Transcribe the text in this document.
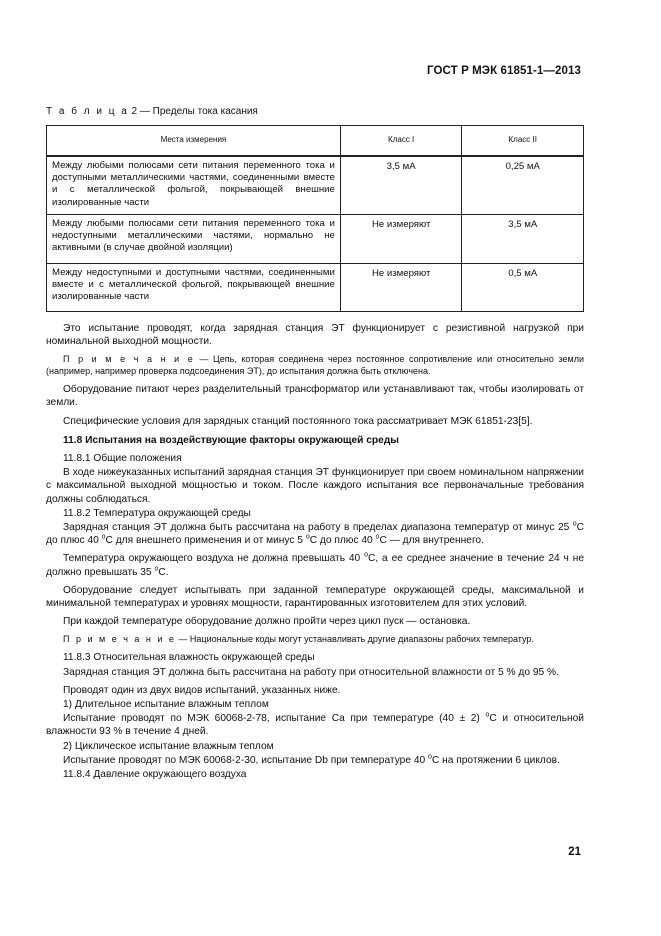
ГОСТ Р МЭК 61851-1—2013
Т а б л и ц а 2 — Пределы тока касания
Места измерения	Класс I	Класс II
Между любыми полюсами сети питания переменного тока и доступными металлическими частями, соединенными вместе и с металлической фольгой, покрывающей внешние изолированные части	3,5 мА	0,25 мА
Между любыми полюсами сети питания переменного тока и недоступными металлическими частями, нормально не активными (в случае двойной изоляции)	Не измеряют	3,5 мА
Между недоступными и доступными частями, соединенными вместе и с металлической фольгой, покрывающей внешние изолированные части	Не измеряют	0,5 мА

Это испытание проводят, когда зарядная станция ЭТ функционирует с резистивной нагрузкой при номинальной выходной мощности.

П р и м е ч а н и е — Цепь, которая соединена через постоянное сопротивление или относительно земли (например, например проверка подсоединения ЭТ), до испытания должна быть отключена.

Оборудование питают через разделительный трансформатор или устанавливают так, чтобы изолировать от земли.

Специфические условия для зарядных станций постоянного тока рассматривает МЭК 61851-23[5].

11.8 Испытания на воздействующие факторы окружающей среды

11.8.1 Общие положения

В ходе нижеуказанных испытаний зарядная станция ЭТ функционирует при своем номинальном напряжении с максимальной выходной мощностью и током. После каждого испытания все первоначальные требования должны соблюдаться.

11.8.2 Температура окружающей среды

Зарядная станция ЭТ должна быть рассчитана на работу в пределах диапазона температур от минус 25 $^o$С до плюс 40 $^o$С для внешнего применения и от минус 5 $^o$С до плюс 40 $^o$С — для внутреннего.

Температура окружающего воздуха не должна превышать 40 $^o$С, а ее среднее значение в течение 24 ч не должно превышать 35 $^o$С.

Оборудование следует испытывать при заданной температуре окружающей среды, максимальной и минимальной температурах и уровнях мощности, гарантированных изготовителем для этих условий.

При каждой температуре оборудование должно пройти через цикл пуск — остановка.

П р и м е ч а н и е — Национальные коды могут устанавливать другие диапазоны рабочих температур.

11.8.3 Относительная влажность окружающей среды

Зарядная станция ЭТ должна быть рассчитана на работу при относительной влажности от 5 % до 95 %.

Проводят один из двух видов испытаний, указанных ниже.

1) Длительное испытание влажным теплом

Испытание проводят по МЭК 60068-2-78, испытание Ca при температуре (40 ± 2) $^o$С и относительной влажности 93 % в течение 4 дней.

2) Циклическое испытание влажным теплом

Испытание проводят по МЭК 60068-2-30, испытание Db при температуре 40 $^o$С на протяжении 6 циклов.

11.8.4 Давление окружающего воздуха

21
